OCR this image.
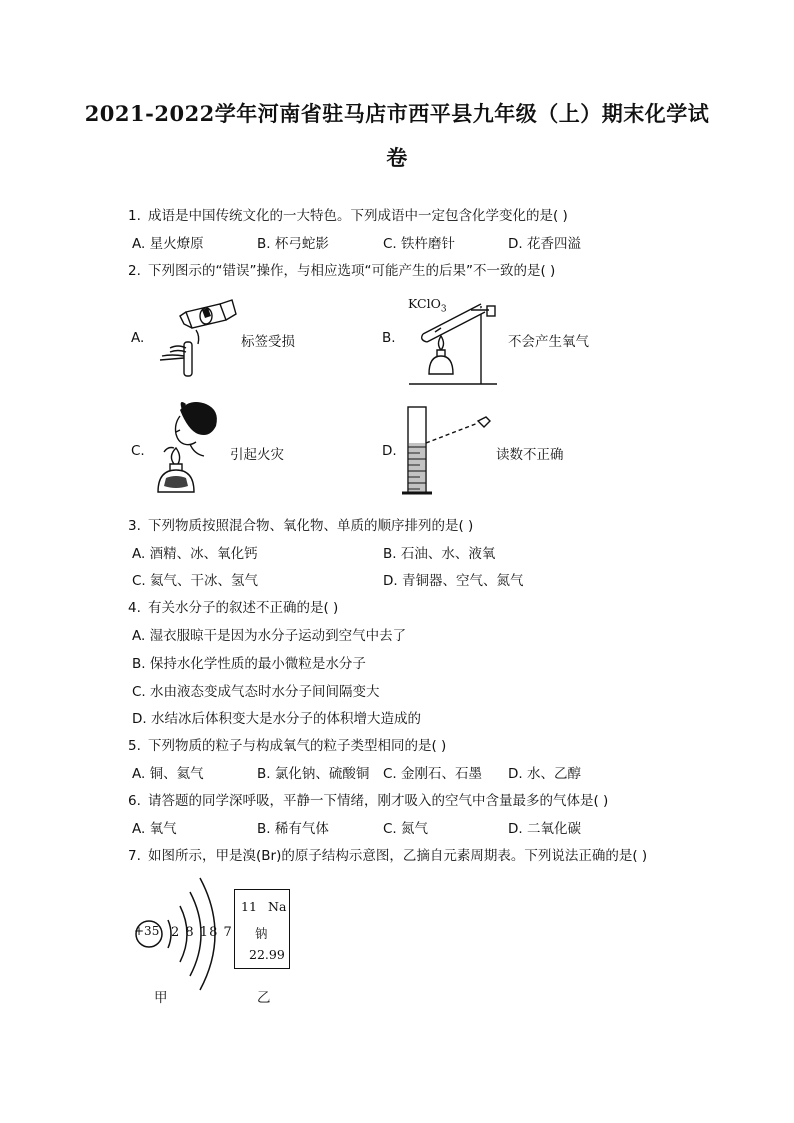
2021-2022学年河南省驻马店市西平县九年级（上）期末化学试
卷
1. 成语是中国传统文化的一大特色。下列成语中一定包含化学变化的是( )
A. 星火燎原	B. 杯弓蛇影	C. 铁杵磨针	D. 花香四溢
2. 下列图示的“错误”操作，与相应选项“可能产生的后果”不一致的是( )
A.	标签受损	B.
KClO$_3$
不会产生氧气
C.	引起火灾	D.	读数不正确
3. 下列物质按照混合物、氧化物、单质的顺序排列的是( )
A. 酒精、冰、氧化钙	B. 石油、水、液氧
C. 氦气、干冰、氢气	D. 青铜器、空气、氮气
4. 有关水分子的叙述不正确的是( )
A. 湿衣服晾干是因为水分子运动到空气中去了
B. 保持水化学性质的最小微粒是水分子
C. 水由液态变成气态时水分子间间隔变大
D. 水结冰后体积变大是水分子的体积增大造成的
5. 下列物质的粒子与构成氧气的粒子类型相同的是( )
A. 铜、氦气	B. 氯化钠、硫酸铜 C. 金刚石、石墨 D. 水、乙醇
6. 请答题的同学深呼吸，平静一下情绪，刚才吸入的空气中含量最多的气体是( )
A. 氧气	B. 稀有气体	C. 氮气	D. 二氧化碳
7. 如图所示，甲是溴(Br)的原子结构示意图，乙摘自元素周期表。下列说法正确的是( )
+35 2 8 18 7
甲
11 Na
钠
22.99
乙
